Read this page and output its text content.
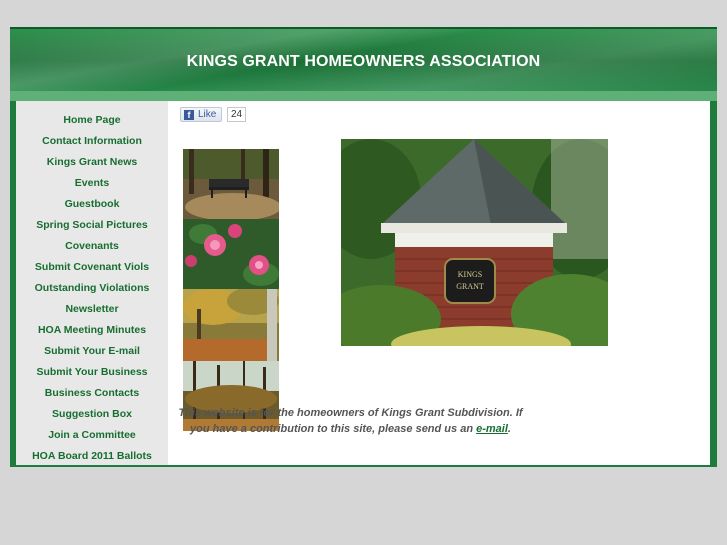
KINGS GRANT HOMEOWNERS ASSOCIATION
Home Page
Contact Information
Kings Grant News
Events
Guestbook
Spring Social Pictures
Covenants
Submit Covenant Viols
Outstanding Violations
Newsletter
HOA Meeting Minutes
Submit Your E-mail
Submit Your Business
Business Contacts
Suggestion Box
Join a Committee
HOA Board 2011 Ballots
f Like	24
KINGS
GRANT
This website is for the homeowners of Kings Grant Subdivision. If you have a contribution to this site, please send us an e-mail.
